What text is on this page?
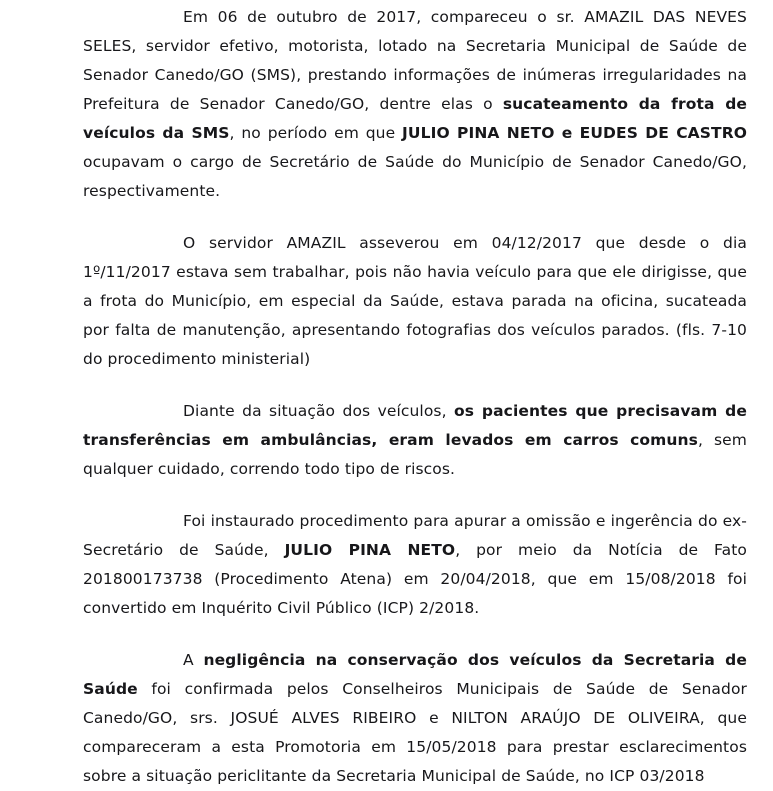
Em 06 de outubro de 2017, compareceu o sr. AMAZIL DAS NEVES SELES, servidor efetivo, motorista, lotado na Secretaria Municipal de Saúde de Senador Canedo/GO (SMS), prestando informações de inúmeras irregularidades na Prefeitura de Senador Canedo/GO, dentre elas o sucateamento da frota de veículos da SMS, no período em que JULIO PINA NETO e EUDES DE CASTRO ocupavam o cargo de Secretário de Saúde do Município de Senador Canedo/GO, respectivamente.

O servidor AMAZIL asseverou em 04/12/2017 que desde o dia 1º/11/2017 estava sem trabalhar, pois não havia veículo para que ele dirigisse, que a frota do Município, em especial da Saúde, estava parada na oficina, sucateada por falta de manutenção, apresentando fotografias dos veículos parados. (fls. 7-10 do procedimento ministerial)

Diante da situação dos veículos, os pacientes que precisavam de transferências em ambulâncias, eram levados em carros comuns, sem qualquer cuidado, correndo todo tipo de riscos.

Foi instaurado procedimento para apurar a omissão e ingerência do ex-Secretário de Saúde, JULIO PINA NETO, por meio da Notícia de Fato 201800173738 (Procedimento Atena) em 20/04/2018, que em 15/08/2018 foi convertido em Inquérito Civil Público (ICP) 2/2018.

A negligência na conservação dos veículos da Secretaria de Saúde foi confirmada pelos Conselheiros Municipais de Saúde de Senador Canedo/GO, srs. JOSUÉ ALVES RIBEIRO e NILTON ARAÚJO DE OLIVEIRA, que compareceram a esta Promotoria em 15/05/2018 para prestar esclarecimentos sobre a situação periclitante da Secretaria Municipal de Saúde, no ICP 03/2018
